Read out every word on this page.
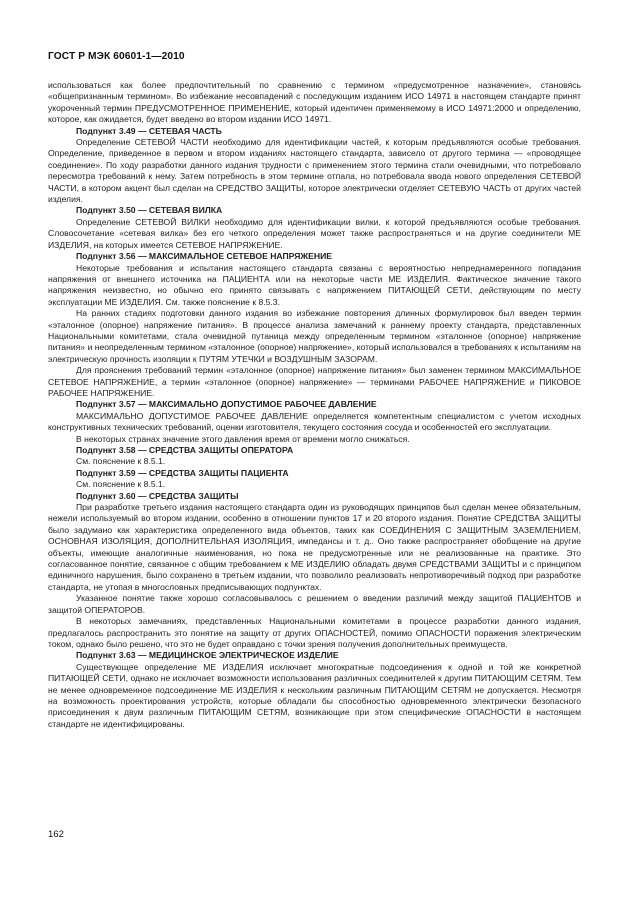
ГОСТ Р МЭК 60601-1—2010

использоваться как более предпочтительный по сравнению с термином «предусмотренное назначение», становясь «общепризнанным термином». Во избежание несовпадений с последующим изданием ИСО 14971 в настоящем стандарте принят укороченный термин ПРЕДУСМОТРЕННОЕ ПРИМЕНЕНИЕ, который идентичен применяемому в ИСО 14971:2000 и определению, которое, как ожидается, будет введено во втором издании ИСО 14971.

Подпункт 3.49 — СЕТЕВАЯ ЧАСТЬ

Определение СЕТЕВОЙ ЧАСТИ необходимо для идентификации частей, к которым предъявляются особые требования. Определение, приведенное в первом и втором изданиях настоящего стандарта, зависело от другого термина — «проводящее соединение». По ходу разработки данного издания трудности с применением этого термина стали очевидными, что потребовало пересмотра требований к нему. Затем потребность в этом термине отпала, но потребовала ввода нового определения СЕТЕВОЙ ЧАСТИ, в котором акцент был сделан на СРЕДСТВО ЗАЩИТЫ, которое электрически отделяет СЕТЕВУЮ ЧАСТЬ от других частей изделия.

Подпункт 3.50 — СЕТЕВАЯ ВИЛКА

Определение СЕТЕВОЙ ВИЛКИ необходимо для идентификации вилки, к которой предъявляются особые требования. Словосочетание «сетевая вилка» без его четкого определения может также распространяться и на другие соединители МЕ ИЗДЕЛИЯ, на которых имеется СЕТЕВОЕ НАПРЯЖЕНИЕ.

Подпункт 3.56 — МАКСИМАЛЬНОЕ СЕТЕВОЕ НАПРЯЖЕНИЕ

Некоторые требования и испытания настоящего стандарта связаны с вероятностью непреднамеренного попадания напряжения от внешнего источника на ПАЦИЕНТА или на некоторые части МЕ ИЗДЕЛИЯ. Фактическое значение такого напряжения неизвестно, но обычно его принято связывать с напряжением ПИТАЮЩЕЙ СЕТИ, действующим по месту эксплуатации МЕ ИЗДЕЛИЯ. См. также пояснение к 8.5.3.

На ранних стадиях подготовки данного издания во избежание повторения длинных формулировок был введен термин «эталонное (опорное) напряжение питания». В процессе анализа замечаний к раннему проекту стандарта, представленных Национальными комитетами, стала очевидной путаница между определенным термином «эталонное (опорное) напряжение питания» и неопределенным термином «эталонное (опорное) напряжение», который использовался в требованиях к испытаниям на электрическую прочность изоляции к ПУТЯМ УТЕЧКИ и ВОЗДУШНЫМ ЗАЗОРАМ.

Для прояснения требований термин «эталонное (опорное) напряжение питания» был заменен термином МАКСИМАЛЬНОЕ СЕТЕВОЕ НАПРЯЖЕНИЕ, а термин «эталонное (опорное) напряжение» — терминами РАБОЧЕЕ НАПРЯЖЕНИЕ и ПИКОВОЕ РАБОЧЕЕ НАПРЯЖЕНИЕ.

Подпункт 3.57 — МАКСИМАЛЬНО ДОПУСТИМОЕ РАБОЧЕЕ ДАВЛЕНИЕ

МАКСИМАЛЬНО ДОПУСТИМОЕ РАБОЧЕЕ ДАВЛЕНИЕ определяется компетентным специалистом с учетом исходных конструктивных технических требований, оценки изготовителя, текущего состояния сосуда и особенностей его эксплуатации.

В некоторых странах значение этого давления время от времени могло снижаться.

Подпункт 3.58 — СРЕДСТВА ЗАЩИТЫ ОПЕРАТОРА

См. пояснение к 8.5.1.

Подпункт 3.59 — СРЕДСТВА ЗАЩИТЫ ПАЦИЕНТА

См. пояснение к 8.5.1.

Подпункт 3.60 — СРЕДСТВА ЗАЩИТЫ

При разработке третьего издания настоящего стандарта один из руководящих принципов был сделан менее обязательным, нежели используемый во втором издании, особенно в отношении пунктов 17 и 20 второго издания. Понятие СРЕДСТВА ЗАЩИТЫ было задумано как характеристика определенного вида объектов, таких как СОЕДИНЕНИЯ С ЗАЩИТНЫМ ЗАЗЕМЛЕНИЕМ, ОСНОВНАЯ ИЗОЛЯЦИЯ, ДОПОЛНИТЕЛЬНАЯ ИЗОЛЯЦИЯ, импедансы и т. д.. Оно также распространяет обобщение на другие объекты, имеющие аналогичные наименования, но пока не предусмотренные или не реализованные на практике. Это согласованное понятие, связанное с общим требованием к МЕ ИЗДЕЛИЮ обладать двумя СРЕДСТВАМИ ЗАЩИТЫ и с принципом единичного нарушения, было сохранено в третьем издании, что позволило реализовать непротиворечивый подход при разработке стандарта, не утопая в многословных предписывающих подпунктах.

Указанное понятие также хорошо согласовывалось с решением о введении различий между защитой ПАЦИЕНТОВ и защитой ОПЕРАТОРОВ.

В некоторых замечаниях, представленных Национальными комитетами в процессе разработки данного издания, предлагалось распространить это понятие на защиту от других ОПАСНОСТЕЙ, помимо ОПАСНОСТИ поражения электрическим током, однако было решено, что это не будет оправдано с точки зрения получения дополнительных преимуществ.

Подпункт 3.63 — МЕДИЦИНСКОЕ ЭЛЕКТРИЧЕСКОЕ ИЗДЕЛИЕ

Существующее определение МЕ ИЗДЕЛИЯ исключает многократные подсоединения к одной и той же конкретной ПИТАЮЩЕЙ СЕТИ, однако не исключает возможности использования различных соединителей к другим ПИТАЮЩИМ СЕТЯМ. Тем не менее одновременное подсоединение МЕ ИЗДЕЛИЯ к нескольким различным ПИТАЮЩИМ СЕТЯМ не допускается. Несмотря на возможность проектирования устройств, которые обладали бы способностью одновременного электрически безопасного присоединения к двум различным ПИТАЮЩИМ СЕТЯМ, возникающие при этом специфические ОПАСНОСТИ в настоящем стандарте не идентифицированы.

162
